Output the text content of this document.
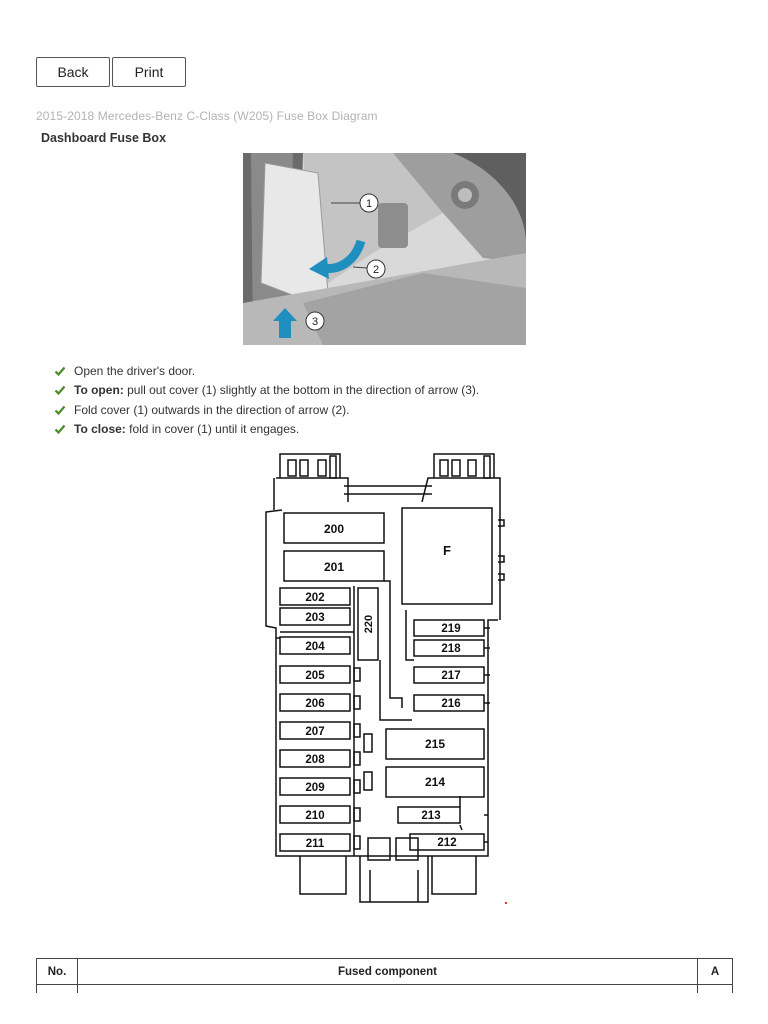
Back	Print
2015-2018 Mercedes-Benz C-Class (W205) Fuse Box Diagram
Dashboard Fuse Box
1
2
3
Open the driver's door.
To open: pull out cover (1) slightly at the bottom in the direction of arrow (3).
Fold cover (1) outwards in the direction of arrow (2).
To close: fold in cover (1) until it engages.
200
201
F
202
203	220
204
205
206
207
208
209
210
211
219
218
217
216
215
214
213
212
No.	Fused component	A
